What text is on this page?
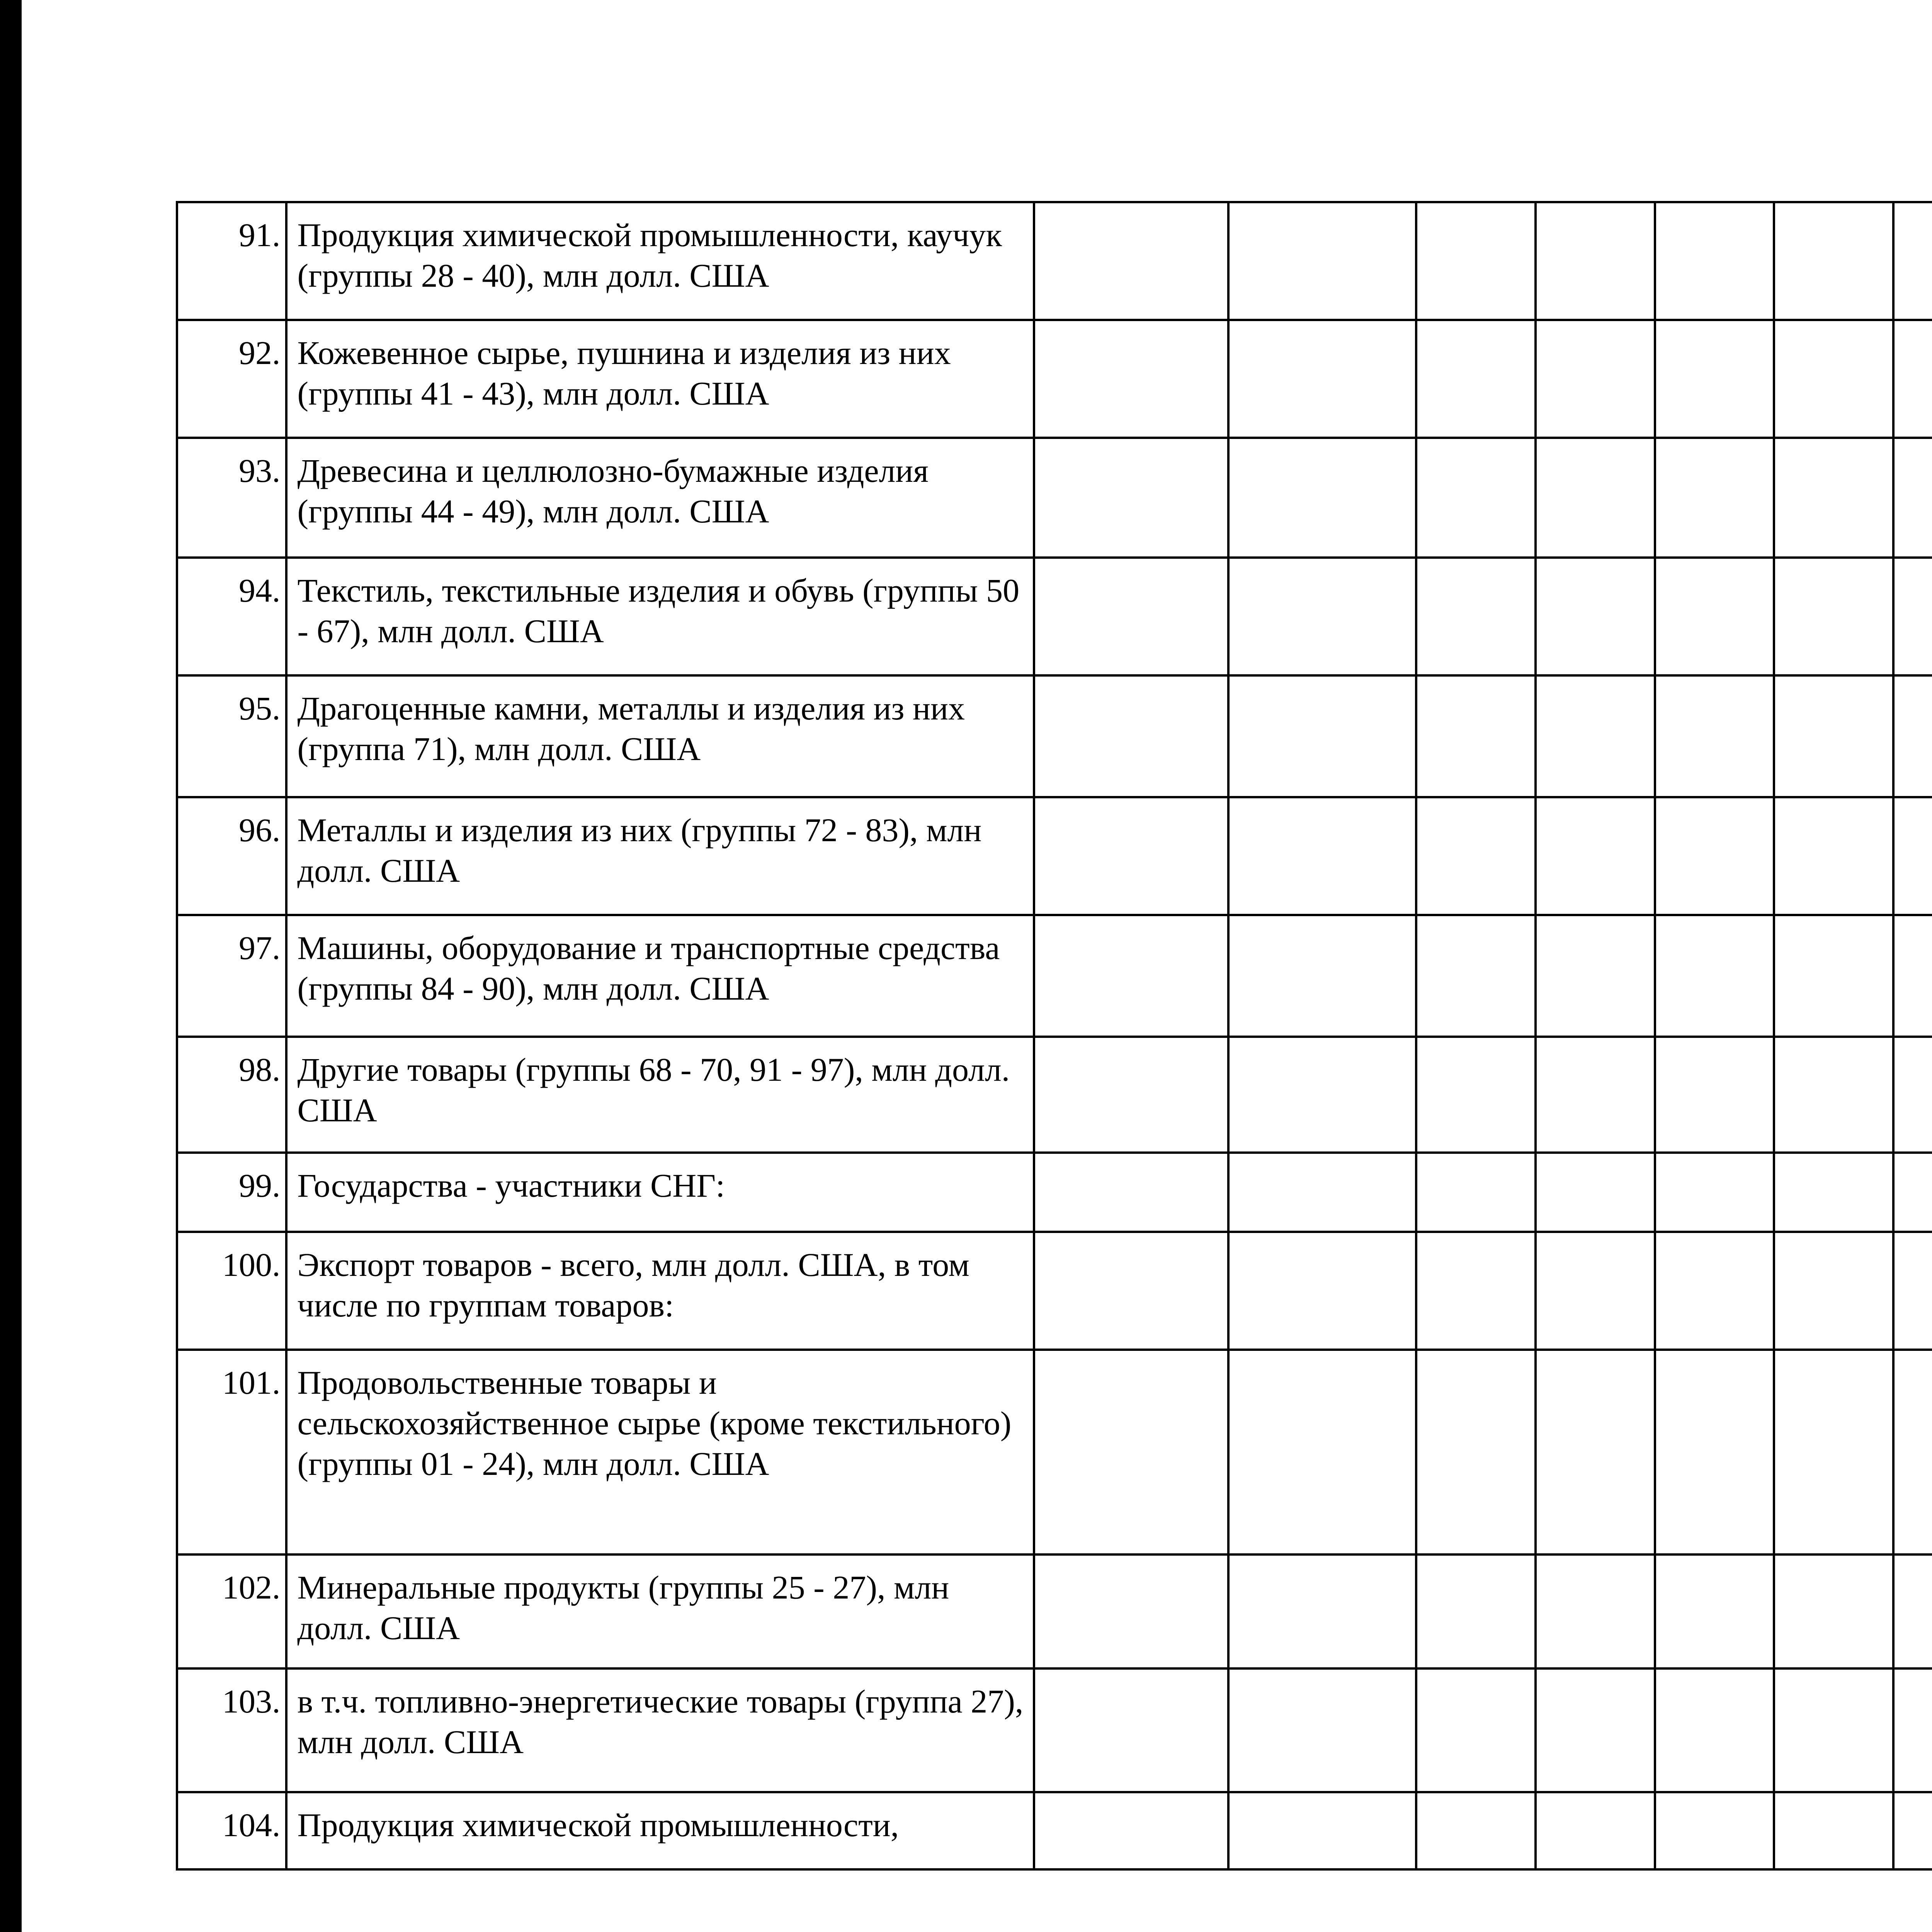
91.	Продукция химической промышленности, каучук (группы 28 - 40), млн долл. США													
92.	Кожевенное сырье, пушнина и изделия из них (группы 41 - 43), млн долл. США													
93.	Древесина и целлюлозно-бумажные изделия (группы 44 - 49), млн долл. США													
94.	Текстиль, текстильные изделия и обувь (группы 50 - 67), млн долл. США													
95.	Драгоценные камни, металлы и изделия из них (группа 71), млн долл. США													
96.	Металлы и изделия из них (группы 72 - 83), млн долл. США													
97.	Машины, оборудование и транспортные средства (группы 84 - 90), млн долл. США													
98.	Другие товары (группы 68 - 70, 91 - 97), млн долл. США													
99.	Государства - участники СНГ:													
100.	Экспорт товаров - всего, млн долл. США, в том числе по группам товаров:													
101.	Продовольственные товары и сельскохозяйственное сырье (кроме текстильного) (группы 01 - 24), млн долл. США													
102.	Минеральные продукты (группы 25 - 27), млн долл. США													
103.	в т.ч. топливно-энергетические товары (группа 27), млн долл. США													
104.	Продукция химической промышленности,													
